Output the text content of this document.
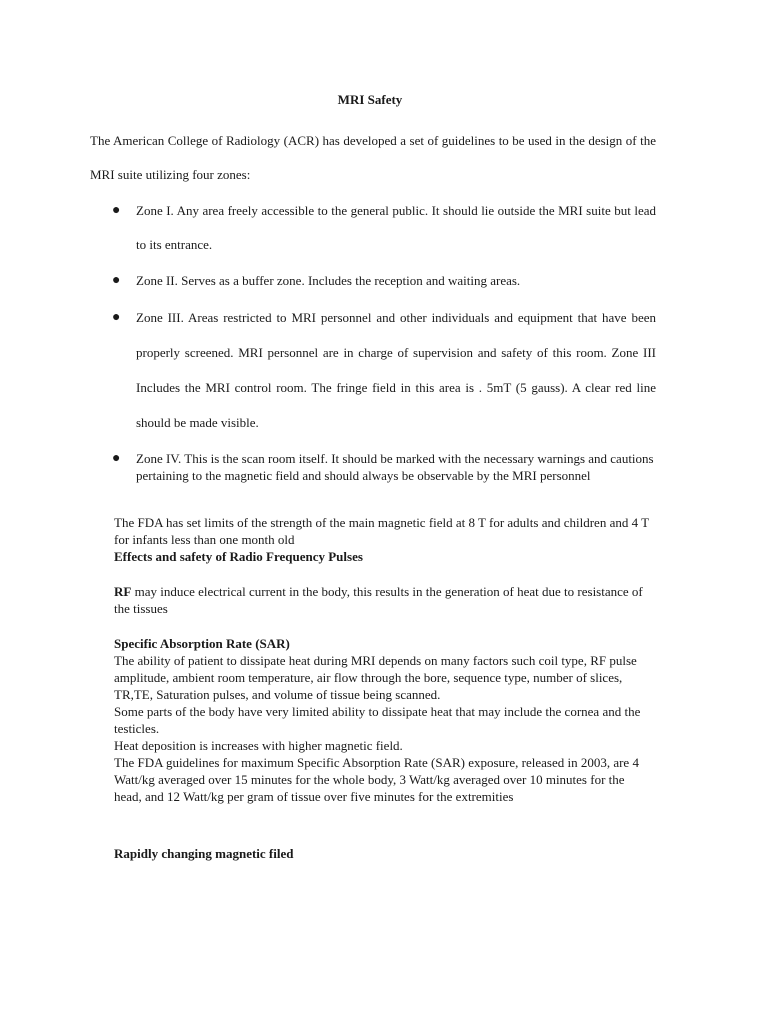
MRI Safety

The American College of Radiology (ACR) has developed a set of guidelines to be used in the design of the MRI suite utilizing four zones:

● Zone I. Any area freely accessible to the general public. It should lie outside the MRI suite but lead to its entrance.

● Zone II. Serves as a buffer zone. Includes the reception and waiting areas.

● Zone III. Areas restricted to MRI personnel and other individuals and equipment that have been properly screened. MRI personnel are in charge of supervision and safety of this room. Zone III Includes the MRI control room. The fringe field in this area is . 5mT (5 gauss). A clear red line should be made visible.

● Zone IV. This is the scan room itself. It should be marked with the necessary warnings and cautions pertaining to the magnetic field and should always be observable by the MRI personnel

The FDA has set limits of the strength of the main magnetic field at 8 T for adults and children and 4 T for infants less than one month old

Effects and safety of Radio Frequency Pulses

RF may induce electrical current in the body, this results in the generation of heat due to resistance of the tissues

Specific Absorption Rate (SAR)

The ability of patient to dissipate heat during MRI depends on many factors such coil type, RF pulse amplitude, ambient room temperature, air flow through the bore, sequence type, number of slices, TR,TE, Saturation pulses, and volume of tissue being scanned.
Some parts of the body have very limited ability to dissipate heat that may include the cornea and the testicles.
Heat deposition is increases with higher magnetic field.
The FDA guidelines for maximum Specific Absorption Rate (SAR) exposure, released in 2003, are 4 Watt/kg averaged over 15 minutes for the whole body, 3 Watt/kg averaged over 10 minutes for the head, and 12 Watt/kg per gram of tissue over five minutes for the extremities

Rapidly changing magnetic filed
